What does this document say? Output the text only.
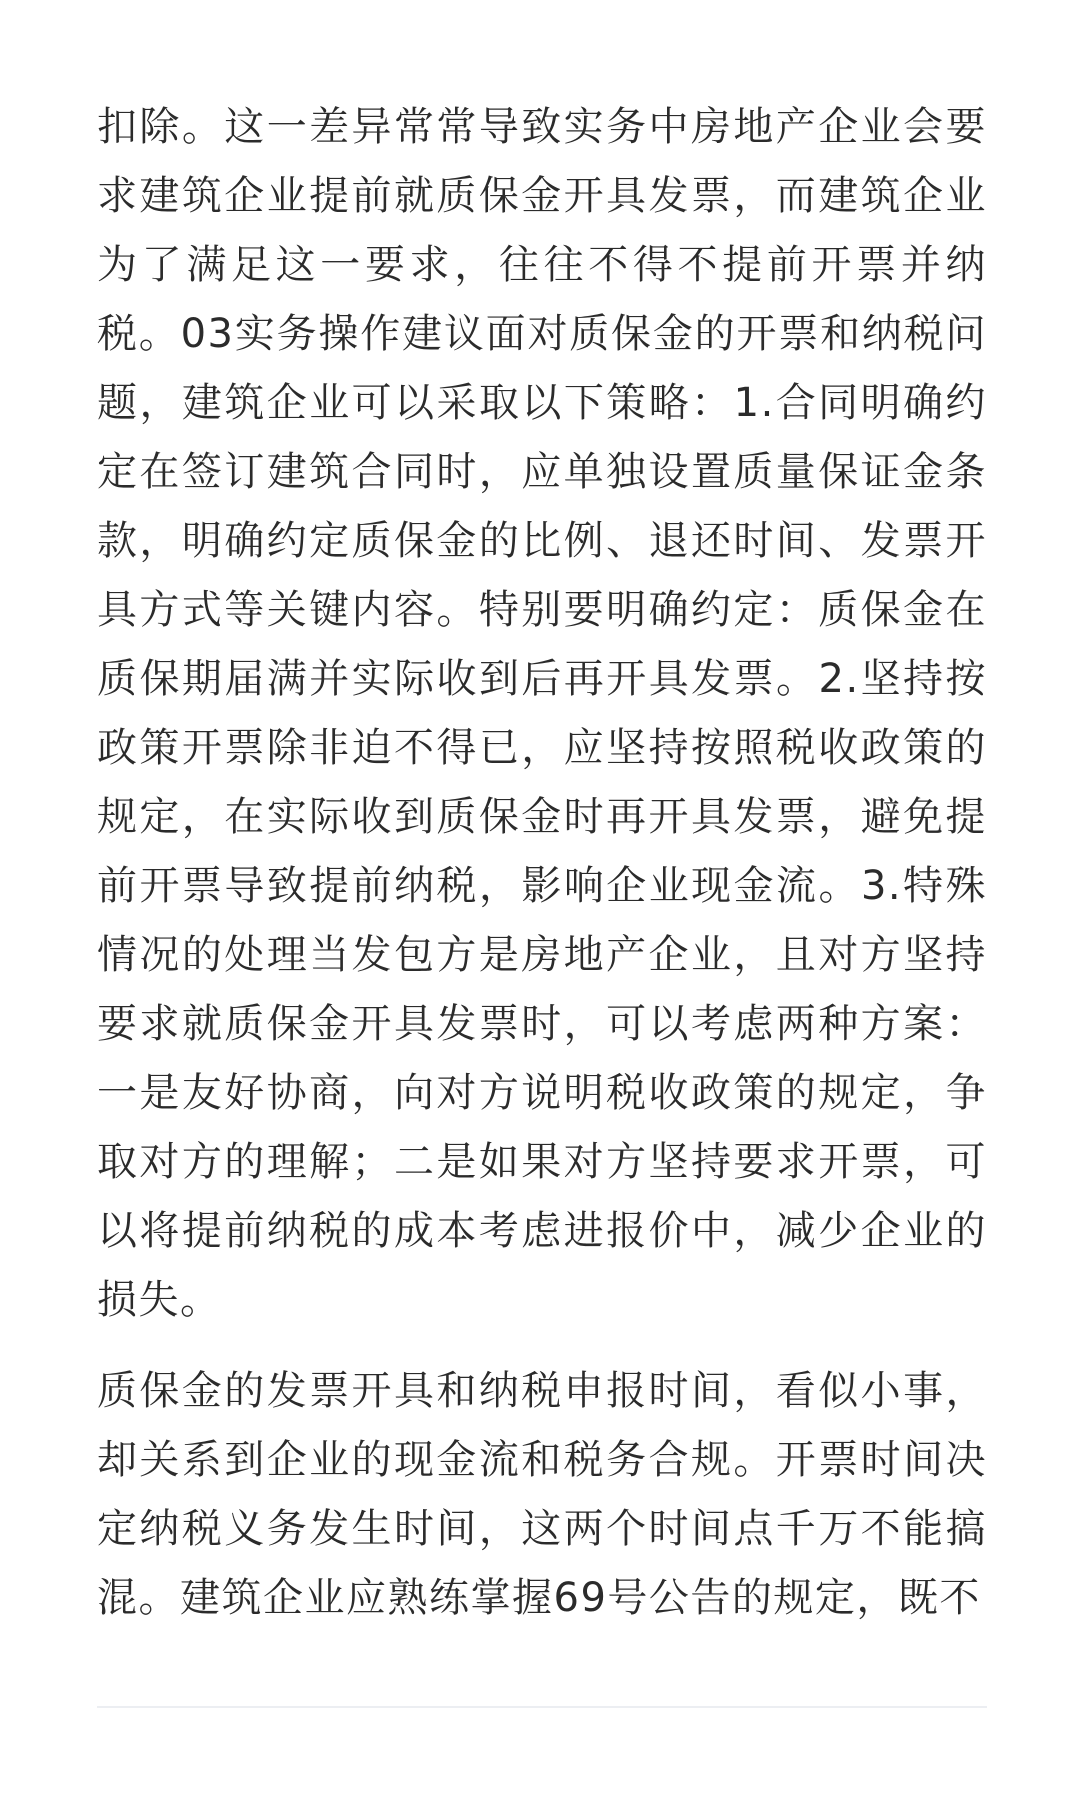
扣除。这一差异常常导致实务中房地产企业会要求建筑企业提前就质保金开具发票，而建筑企业为了满足这一要求，往往不得不提前开票并纳税。03实务操作建议面对质保金的开票和纳税问题，建筑企业可以采取以下策略：1.合同明确约定在签订建筑合同时，应单独设置质量保证金条款，明确约定质保金的比例、退还时间、发票开具方式等关键内容。特别要明确约定：质保金在质保期届满并实际收到后再开具发票。2.坚持按政策开票除非迫不得已，应坚持按照税收政策的规定，在实际收到质保金时再开具发票，避免提前开票导致提前纳税，影响企业现金流。3.特殊情况的处理当发包方是房地产企业，且对方坚持要求就质保金开具发票时，可以考虑两种方案：一是友好协商，向对方说明税收政策的规定，争取对方的理解；二是如果对方坚持要求开票，可以将提前纳税的成本考虑进报价中，减少企业的损失。

质保金的发票开具和纳税申报时间，看似小事，却关系到企业的现金流和税务合规。开票时间决定纳税义务发生时间，这两个时间点千万不能搞混。建筑企业应熟练掌握69号公告的规定，既不
